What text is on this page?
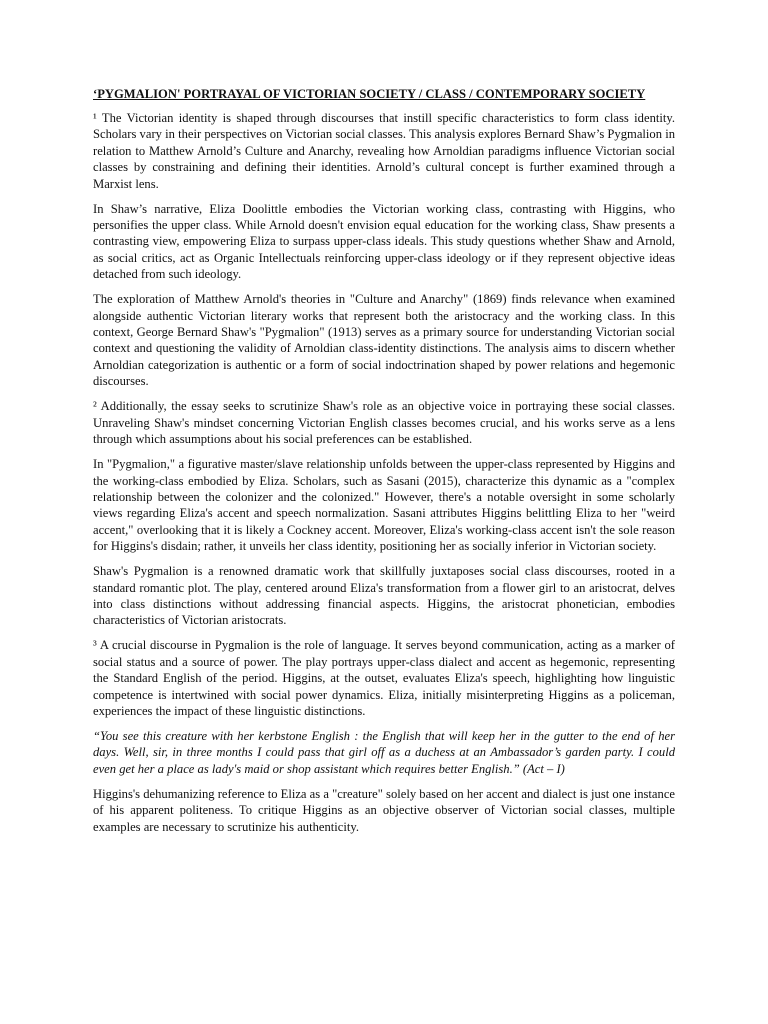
‘PYGMALION' PORTRAYAL OF VICTORIAN SOCIETY / CLASS / CONTEMPORARY SOCIETY

¹ The Victorian identity is shaped through discourses that instill specific characteristics to form class identity. Scholars vary in their perspectives on Victorian social classes. This analysis explores Bernard Shaw’s Pygmalion in relation to Matthew Arnold’s Culture and Anarchy, revealing how Arnoldian paradigms influence Victorian social classes by constraining and defining their identities. Arnold’s cultural concept is further examined through a Marxist lens.

In Shaw’s narrative, Eliza Doolittle embodies the Victorian working class, contrasting with Higgins, who personifies the upper class. While Arnold doesn't envision equal education for the working class, Shaw presents a contrasting view, empowering Eliza to surpass upper-class ideals. This study questions whether Shaw and Arnold, as social critics, act as Organic Intellectuals reinforcing upper-class ideology or if they represent objective ideas detached from such ideology.

The exploration of Matthew Arnold's theories in "Culture and Anarchy" (1869) finds relevance when examined alongside authentic Victorian literary works that represent both the aristocracy and the working class. In this context, George Bernard Shaw's "Pygmalion" (1913) serves as a primary source for understanding Victorian social context and questioning the validity of Arnoldian class-identity distinctions. The analysis aims to discern whether Arnoldian categorization is authentic or a form of social indoctrination shaped by power relations and hegemonic discourses.

² Additionally, the essay seeks to scrutinize Shaw's role as an objective voice in portraying these social classes. Unraveling Shaw's mindset concerning Victorian English classes becomes crucial, and his works serve as a lens through which assumptions about his social preferences can be established.

In "Pygmalion," a figurative master/slave relationship unfolds between the upper-class represented by Higgins and the working-class embodied by Eliza. Scholars, such as Sasani (2015), characterize this dynamic as a "complex relationship between the colonizer and the colonized." However, there's a notable oversight in some scholarly views regarding Eliza's accent and speech normalization. Sasani attributes Higgins belittling Eliza to her "weird accent," overlooking that it is likely a Cockney accent. Moreover, Eliza's working-class accent isn't the sole reason for Higgins's disdain; rather, it unveils her class identity, positioning her as socially inferior in Victorian society.

Shaw's Pygmalion is a renowned dramatic work that skillfully juxtaposes social class discourses, rooted in a standard romantic plot. The play, centered around Eliza's transformation from a flower girl to an aristocrat, delves into class distinctions without addressing financial aspects. Higgins, the aristocrat phonetician, embodies characteristics of Victorian aristocrats.

³ A crucial discourse in Pygmalion is the role of language. It serves beyond communication, acting as a marker of social status and a source of power. The play portrays upper-class dialect and accent as hegemonic, representing the Standard English of the period. Higgins, at the outset, evaluates Eliza's speech, highlighting how linguistic competence is intertwined with social power dynamics. Eliza, initially misinterpreting Higgins as a policeman, experiences the impact of these linguistic distinctions.

“You see this creature with her kerbstone English : the English that will keep her in the gutter to the end of her days. Well, sir, in three months I could pass that girl off as a duchess at an Ambassador’s garden party. I could even get her a place as lady's maid or shop assistant which requires better English.” (Act – I)

Higgins's dehumanizing reference to Eliza as a "creature" solely based on her accent and dialect is just one instance of his apparent politeness. To critique Higgins as an objective observer of Victorian social classes, multiple examples are necessary to scrutinize his authenticity.
